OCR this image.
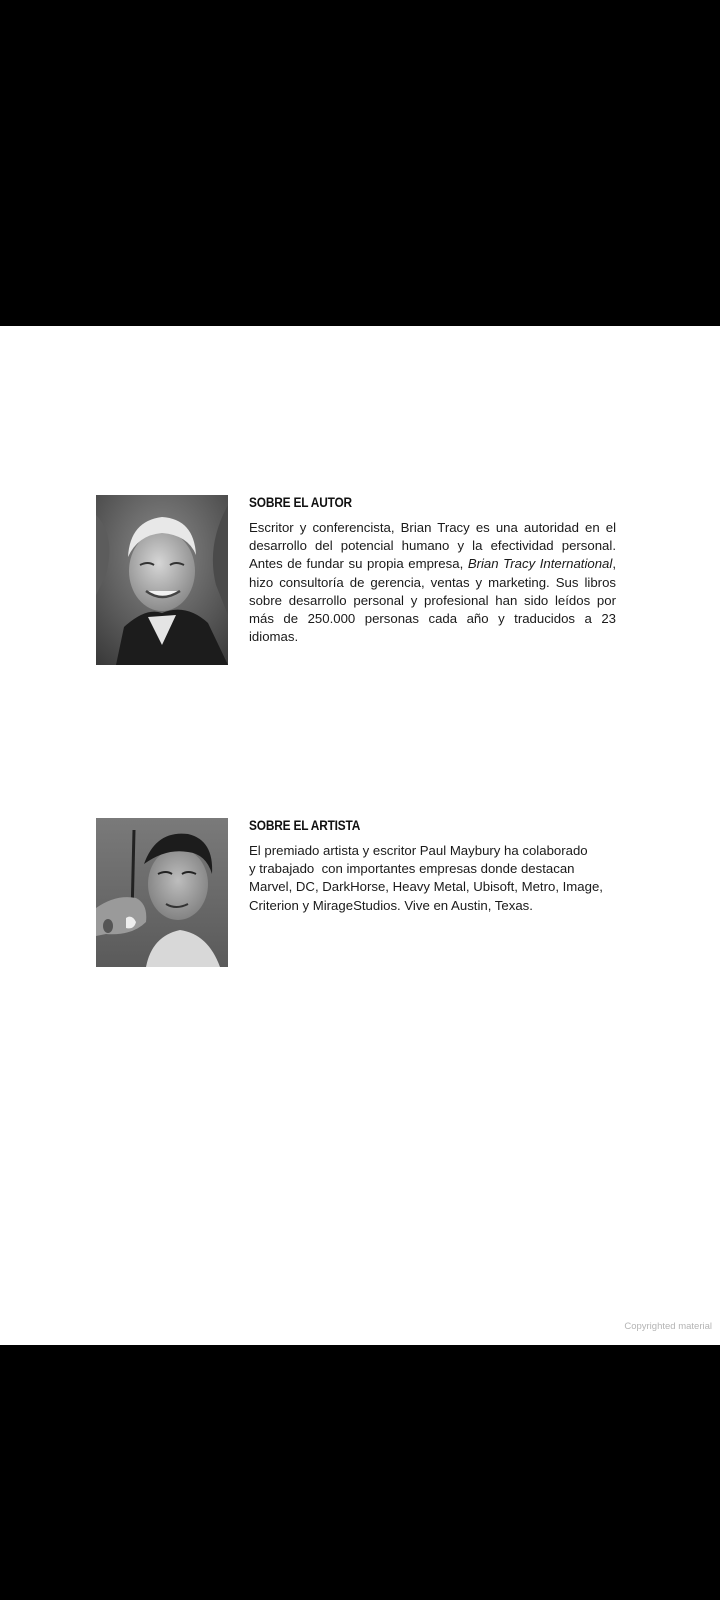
SOBRE EL AUTOR

Escritor y conferencista, Brian Tracy es una autoridad en el desarrollo del potencial humano y la efectividad personal. Antes de fundar su propia empresa, Brian Tracy International, hizo consultoría de gerencia, ventas y marketing. Sus libros sobre desarrollo personal y profesional han sido leídos por más de 250.000 personas cada año y traducidos a 23 idiomas.

SOBRE EL ARTISTA

El premiado artista y escritor Paul Maybury ha colaborado
y trabajado  con importantes empresas donde destacan
Marvel, DC, DarkHorse, Heavy Metal, Ubisoft, Metro, Image,
Criterion y MirageStudios. Vive en Austin, Texas.

Copyrighted material
